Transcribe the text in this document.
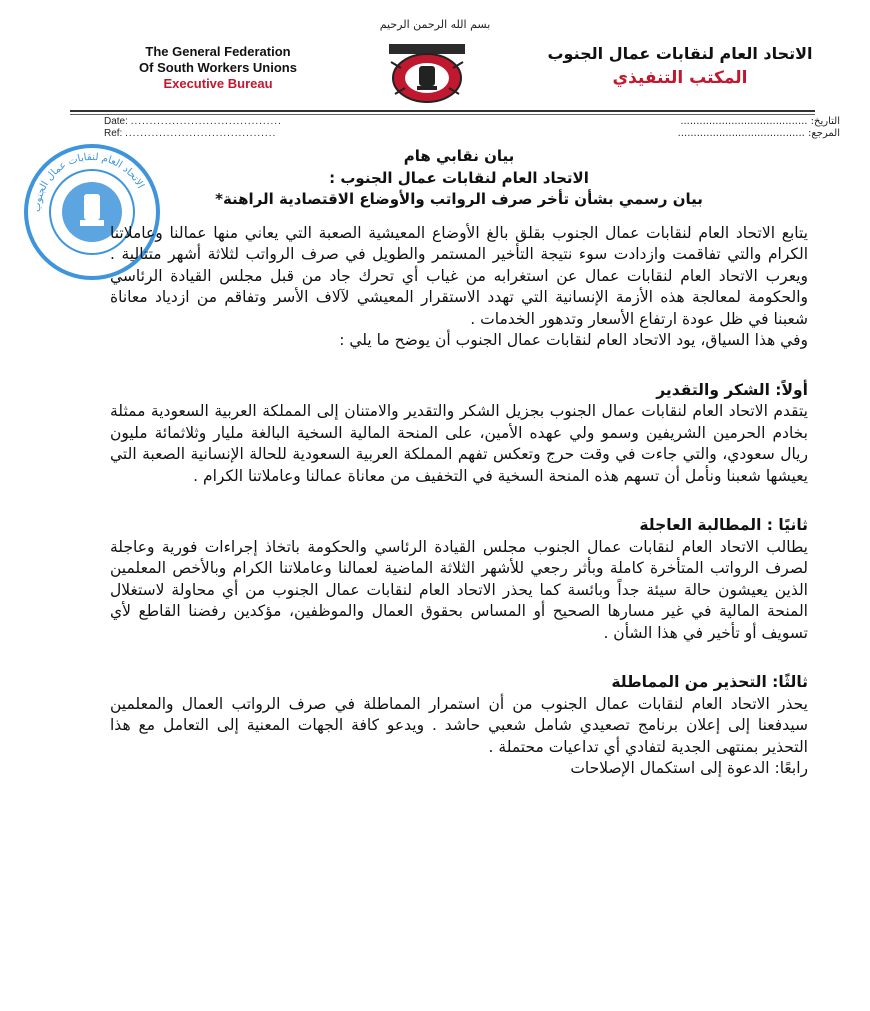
بسم الله الرحمن الرحيم
The General Federation
Of South Workers Unions
Executive Bureau
الاتحاد العام لنقابات عمال الجنوب
المكتب التنفيذي
Date: ........................................
Ref: ........................................
التاريخ: ........................................
المرجع: ........................................
الاتحاد العام لنقابات عمال الجنوب

بيان نقابي هام

الاتحاد العام لنقابات عمال الجنوب :

بيان رسمي بشأن تأخر صرف الرواتب والأوضاع الاقتصادية الراهنة*

يتابع الاتحاد العام لنقابات عمال الجنوب بقلق بالغ الأوضاع المعيشية الصعبة التي يعاني منها عمالنا وعاملاتنا الكرام والتي تفاقمت وازدادت سوء نتيجة التأخير المستمر والطويل في صرف الرواتب لثلاثة أشهر متتالية . ويعرب الاتحاد العام لنقابات عمال عن استغرابه من غياب أي تحرك جاد من قبل مجلس القيادة الرئاسي والحكومة لمعالجة هذه الأزمة الإنسانية التي تهدد الاستقرار المعيشي لآلاف الأسر وتفاقم من ازدياد معاناة شعبنا في ظل عودة ارتفاع الأسعار وتدهور الخدمات .

وفي هذا السياق، يود الاتحاد العام لنقابات عمال الجنوب أن يوضح ما يلي :

أولاً: الشكر والتقدير

يتقدم الاتحاد العام لنقابات عمال الجنوب بجزيل الشكر والتقدير والامتنان إلى المملكة العربية السعودية ممثلة بخادم الحرمين الشريفين وسمو ولي عهده الأمين، على المنحة المالية السخية البالغة مليار وثلاثمائة مليون ريال سعودي، والتي جاءت في وقت حرج وتعكس تفهم المملكة العربية السعودية للحالة الإنسانية الصعبة التي يعيشها شعبنا ونأمل أن تسهم هذه المنحة السخية في التخفيف من معاناة عمالنا وعاملاتنا الكرام .

ثانيًا : المطالبة العاجلة

يطالب الاتحاد العام لنقابات عمال الجنوب مجلس القيادة الرئاسي والحكومة باتخاذ إجراءات فورية وعاجلة لصرف الرواتب المتأخرة كاملة وبأثر رجعي للأشهر الثلاثة الماضية لعمالنا وعاملاتنا الكرام وبالأخص المعلمين الذين يعيشون حالة سيئة جداً وبائسة كما يحذر الاتحاد العام لنقابات عمال الجنوب من أي محاولة لاستغلال المنحة المالية في غير مسارها الصحيح أو المساس بحقوق العمال والموظفين، مؤكدين رفضنا القاطع لأي تسويف أو تأخير في هذا الشأن .

ثالثًا: التحذير من المماطلة

يحذر الاتحاد العام لنقابات عمال الجنوب من أن استمرار المماطلة في صرف الرواتب العمال والمعلمين سيدفعنا إلى إعلان برنامج تصعيدي شامل شعبي حاشد . ويدعو كافة الجهات المعنية إلى التعامل مع هذا التحذير بمنتهى الجدية لتفادي أي تداعيات محتملة .

رابعًا: الدعوة إلى استكمال الإصلاحات
